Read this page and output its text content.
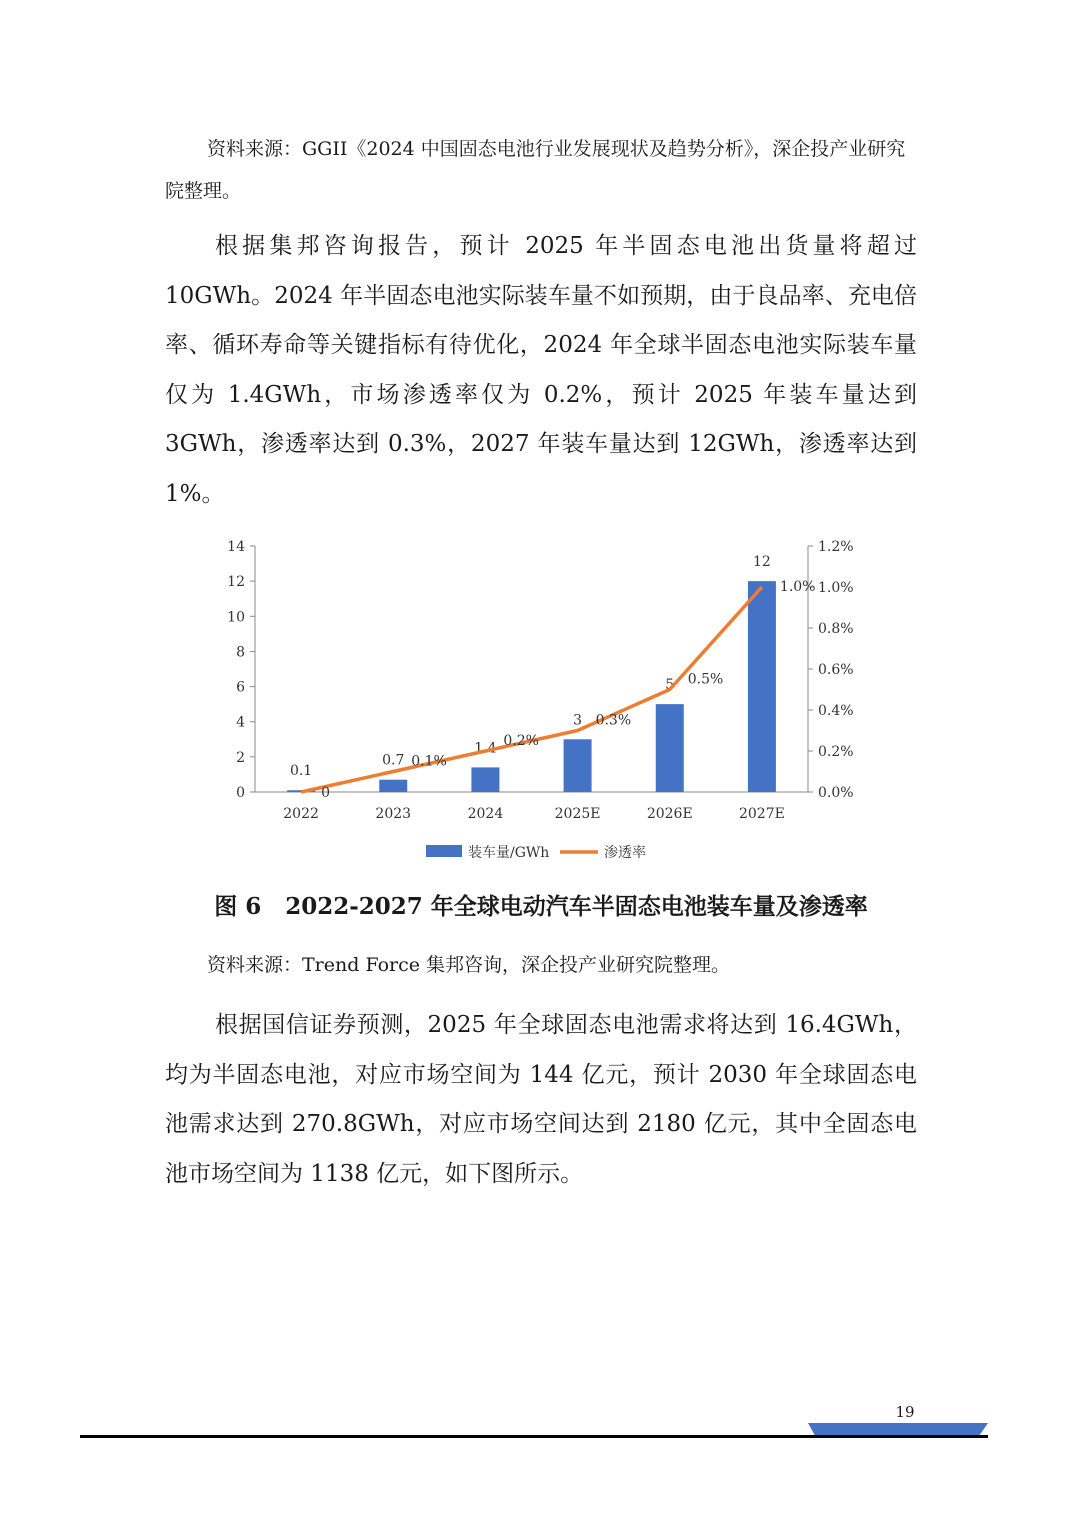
资料来源：GGII《2024 中国固态电池行业发展现状及趋势分析》，深企投产业研究院整理。
根据集邦咨询报告，预计 2025 年半固态电池出货量将超过 10GWh。2024 年半固态电池实际装车量不如预期，由于良品率、充电倍率、循环寿命等关键指标有待优化，2024 年全球半固态电池实际装车量仅为 1.4GWh，市场渗透率仅为 0.2%，预计 2025 年装车量达到 3GWh，渗透率达到 0.3%，2027 年装车量达到 12GWh，渗透率达到 1%。
0
2
4
6
8
10
12
14
0.0%
0.2%
0.4%
0.6%
0.8%
1.0%
1.2%
2022	2023	2024	2025E	2026E	2027E
0.1
0.7
1.4
3
5
12
0
0.1%
0.2%
0.3%
0.5%
1.0%
装车量/GWh	渗透率
图 6 2022-2027 年全球电动汽车半固态电池装车量及渗透率
资料来源：Trend Force 集邦咨询，深企投产业研究院整理。
根据国信证券预测，2025 年全球固态电池需求将达到 16.4GWh，均为半固态电池，对应市场空间为 144 亿元，预计 2030 年全球固态电池需求达到 270.8GWh，对应市场空间达到 2180 亿元，其中全固态电池市场空间为 1138 亿元，如下图所示。
19
